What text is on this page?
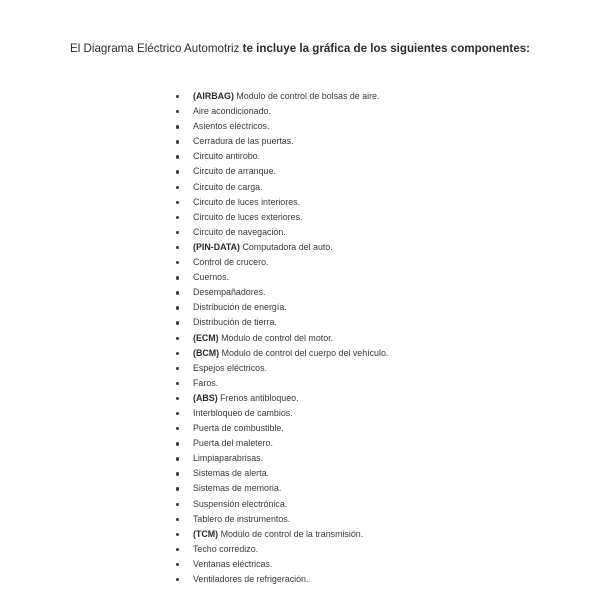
El Diagrama Eléctrico Automotriz te incluye la gráfica de los siguientes componentes:
(AIRBAG) Modulo de control de bolsas de aire.
Aire acondicionado.
Asientos eléctricos.
Cerradura de las puertas.
Circuito antirobo.
Circuito de arranque.
Circuito de carga.
Circuito de luces interiores.
Circuito de luces exteriores.
Circuito de navegación.
(PIN-DATA) Computadora del auto.
Control de crucero.
Cuernos.
Desempañadores.
Distribución de energía.
Distribución de tierra.
(ECM) Modulo de control del motor.
(BCM) Modulo de control del cuerpo del vehículo.
Espejos eléctricos.
Faros.
(ABS) Frenos antibloqueo.
Interbloqueo de cambios.
Puerta de combustible.
Puerta del maletero.
Limpiaparabrisas.
Sistemas de alerta.
Sistemas de memoria.
Suspensión electrónica.
Tablero de instrumentos.
(TCM) Modulo de control de la transmisión.
Techo corredizo.
Ventanas eléctricas.
Ventiladores de refrigeración.
